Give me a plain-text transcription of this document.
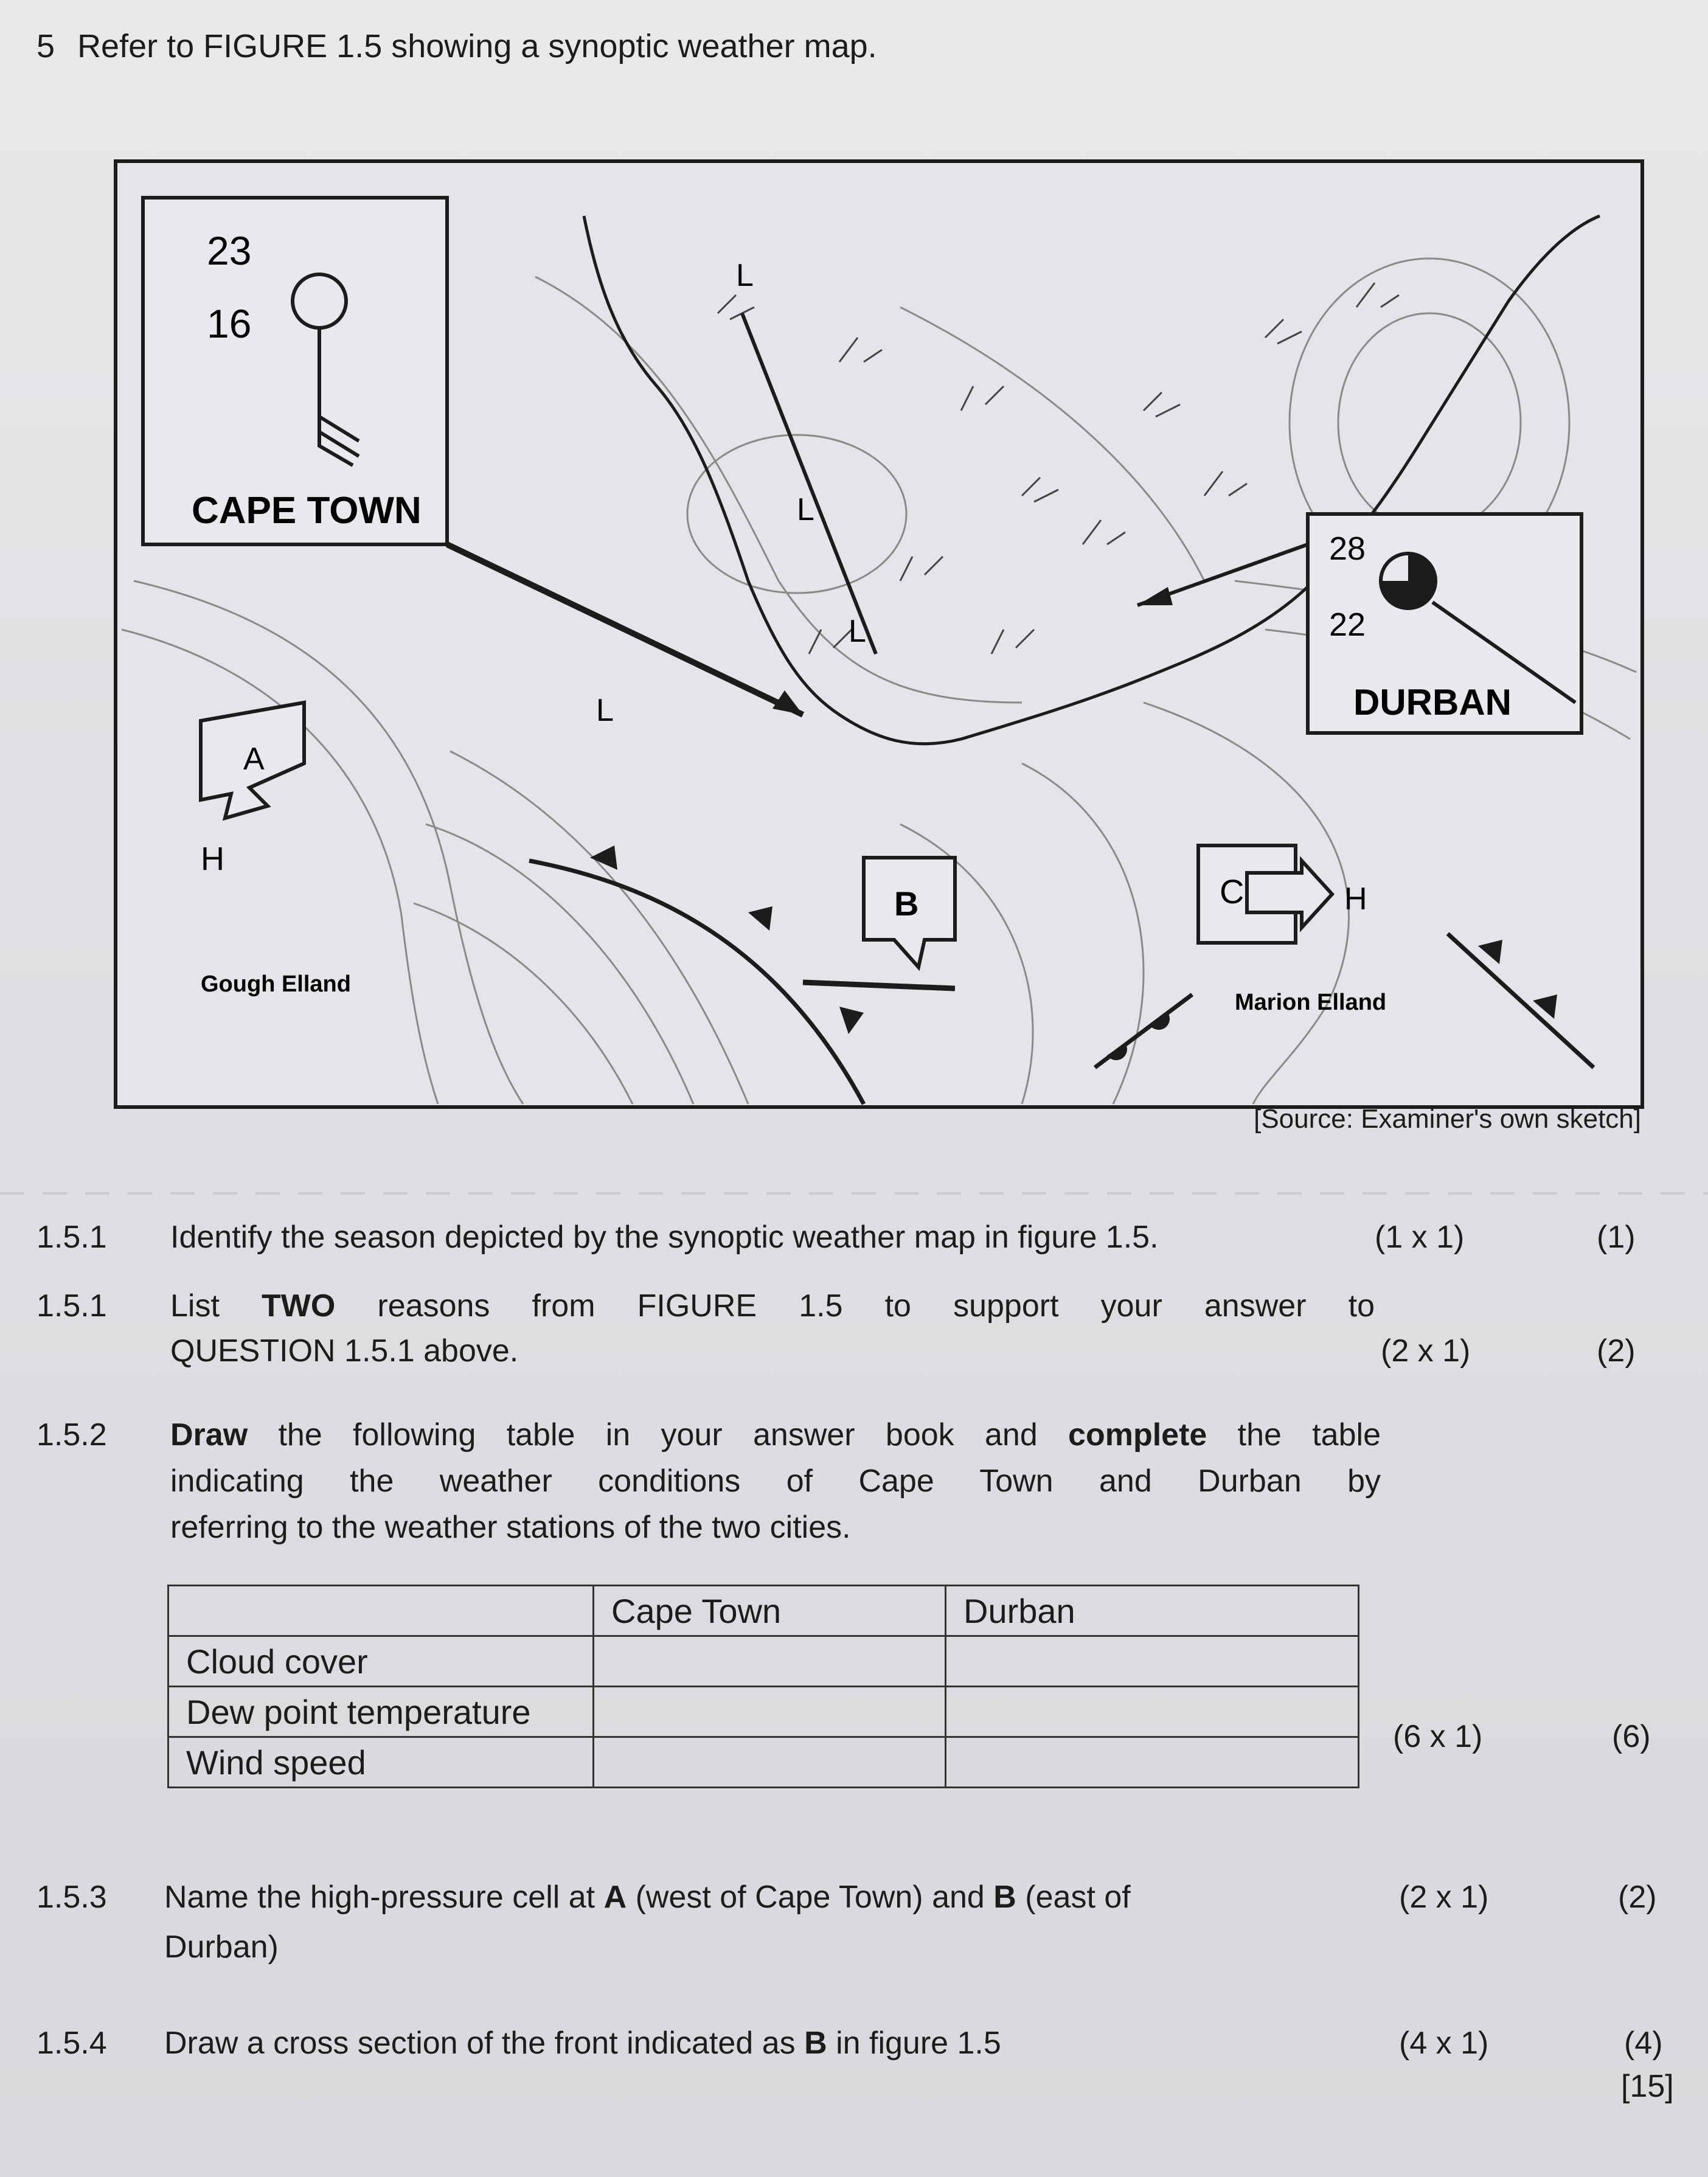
5 Refer to FIGURE 1.5 showing a synoptic weather map.
L
L
L
L
23
16
CAPE TOWN
28
22
DURBAN
A
H
Gough Elland
B	C	H
Marion Elland
[Source: Examiner's own sketch]
1.5.1 Identify the season depicted by the synoptic weather map in figure 1.5.	(1 x 1)	(1)
1.5.1 List TWO reasons from FIGURE 1.5 to support your answer to
QUESTION 1.5.1 above.	(2 x 1)	(2)
1.5.2 Draw the following table in your answer book and complete the table
indicating the weather conditions of Cape Town and Durban by
referring to the weather stations of the two cities.
	Cape Town	Durban
Cloud cover		
Dew point temperature		
Wind speed		
(6 x 1)	(6)
1.5.3 Name the high-pressure cell at A (west of Cape Town) and B (east of
Durban)
(2 x 1)	(2)
1.5.4 Draw a cross section of the front indicated as B in figure 1.5	(4 x 1)	(4)
[15]
